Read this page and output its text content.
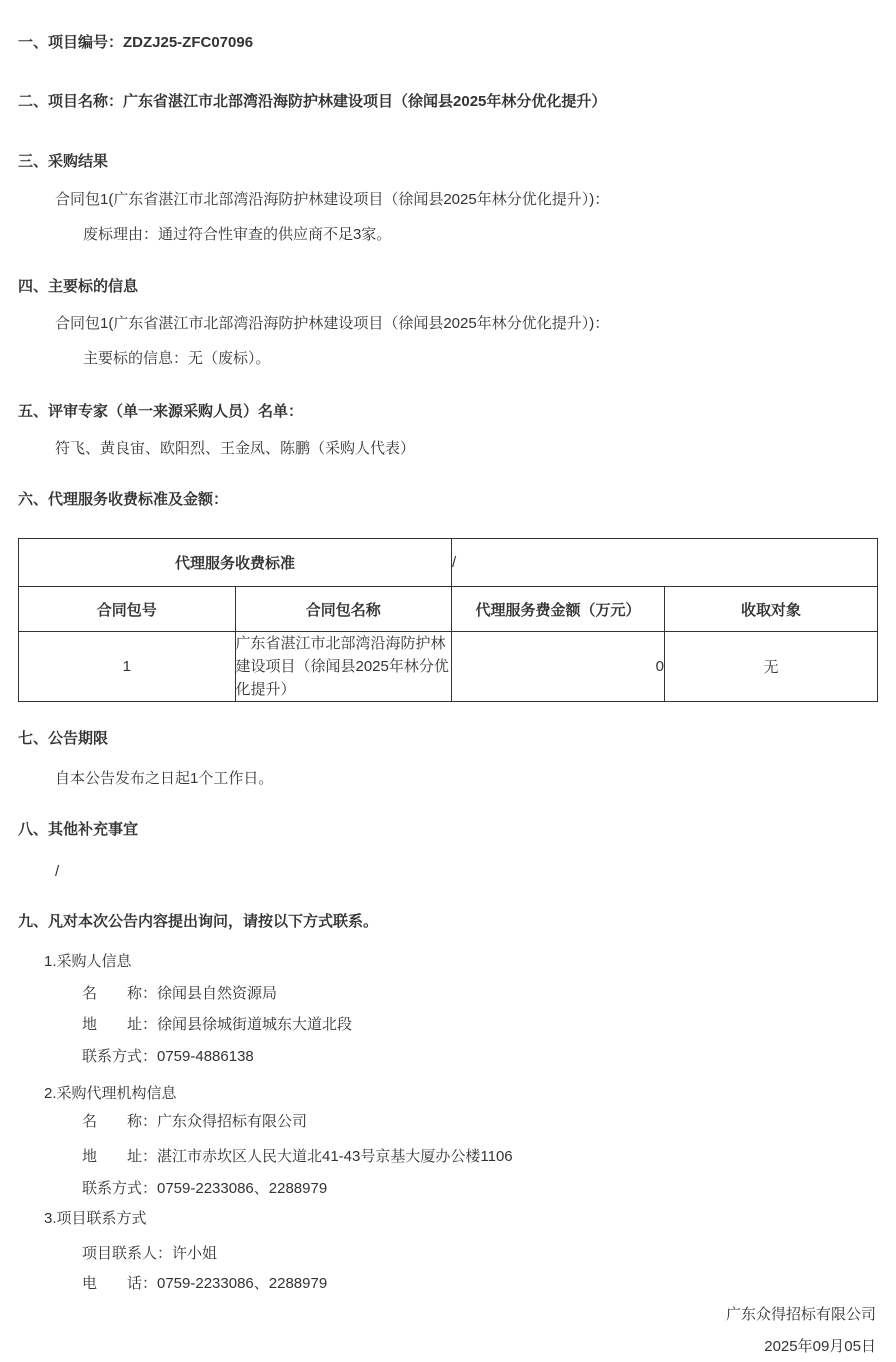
一、项目编号：ZDZJ25-ZFC07096
二、项目名称：广东省湛江市北部湾沿海防护林建设项目（徐闻县2025年林分优化提升）
三、采购结果
合同包1(广东省湛江市北部湾沿海防护林建设项目（徐闻县2025年林分优化提升）)：
废标理由：通过符合性审查的供应商不足3家。
四、主要标的信息
合同包1(广东省湛江市北部湾沿海防护林建设项目（徐闻县2025年林分优化提升）)：
主要标的信息：无（废标）。
五、评审专家（单一来源采购人员）名单：
符飞、黄良宙、欧阳烈、王金凤、陈鹏（采购人代表）
六、代理服务收费标准及金额：
代理服务收费标准		/	
合同包号	合同包名称	代理服务费金额（万元）	收取对象
1	广东省湛江市北部湾沿海防护林建设项目（徐闻县2025年林分优化提升）	0	无
七、公告期限
自本公告发布之日起1个工作日。
八、其他补充事宜
/
九、凡对本次公告内容提出询问，请按以下方式联系。
1.采购人信息
名　　称：徐闻县自然资源局
地　　址：徐闻县徐城街道城东大道北段
联系方式：0759-4886138
2.采购代理机构信息
名　　称：广东众得招标有限公司
地　　址：湛江市赤坎区人民大道北41-43号京基大厦办公楼1106
联系方式：0759-2233086、2288979
3.项目联系方式
项目联系人：许小姐
电　　话：0759-2233086、2288979
广东众得招标有限公司
2025年09月05日
